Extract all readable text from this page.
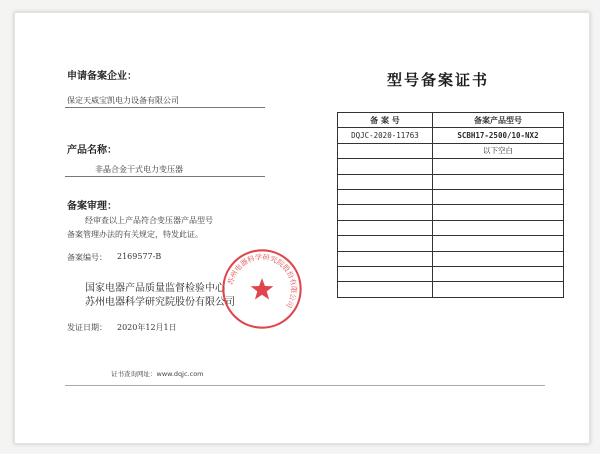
申请备案企业：
保定天威宝凯电力设备有限公司
产品名称：
非晶合金干式电力变压器
备案审理：
经审查以上产品符合变压器产品型号
备案管理办法的有关规定，特发此证。
备案编号： 2169577-B
国家电器产品质量监督检验中心
苏州电器科学研究院股份有限公司
发证日期： 2020年12月1日
苏州电器科学研究院股份有限公司
型号备案证书
备 案 号	备案产品型号
DQJC-2020-11763	SCBH17-2500/10-NX2
	以下空白

证书查询网址：www.dqjc.com
